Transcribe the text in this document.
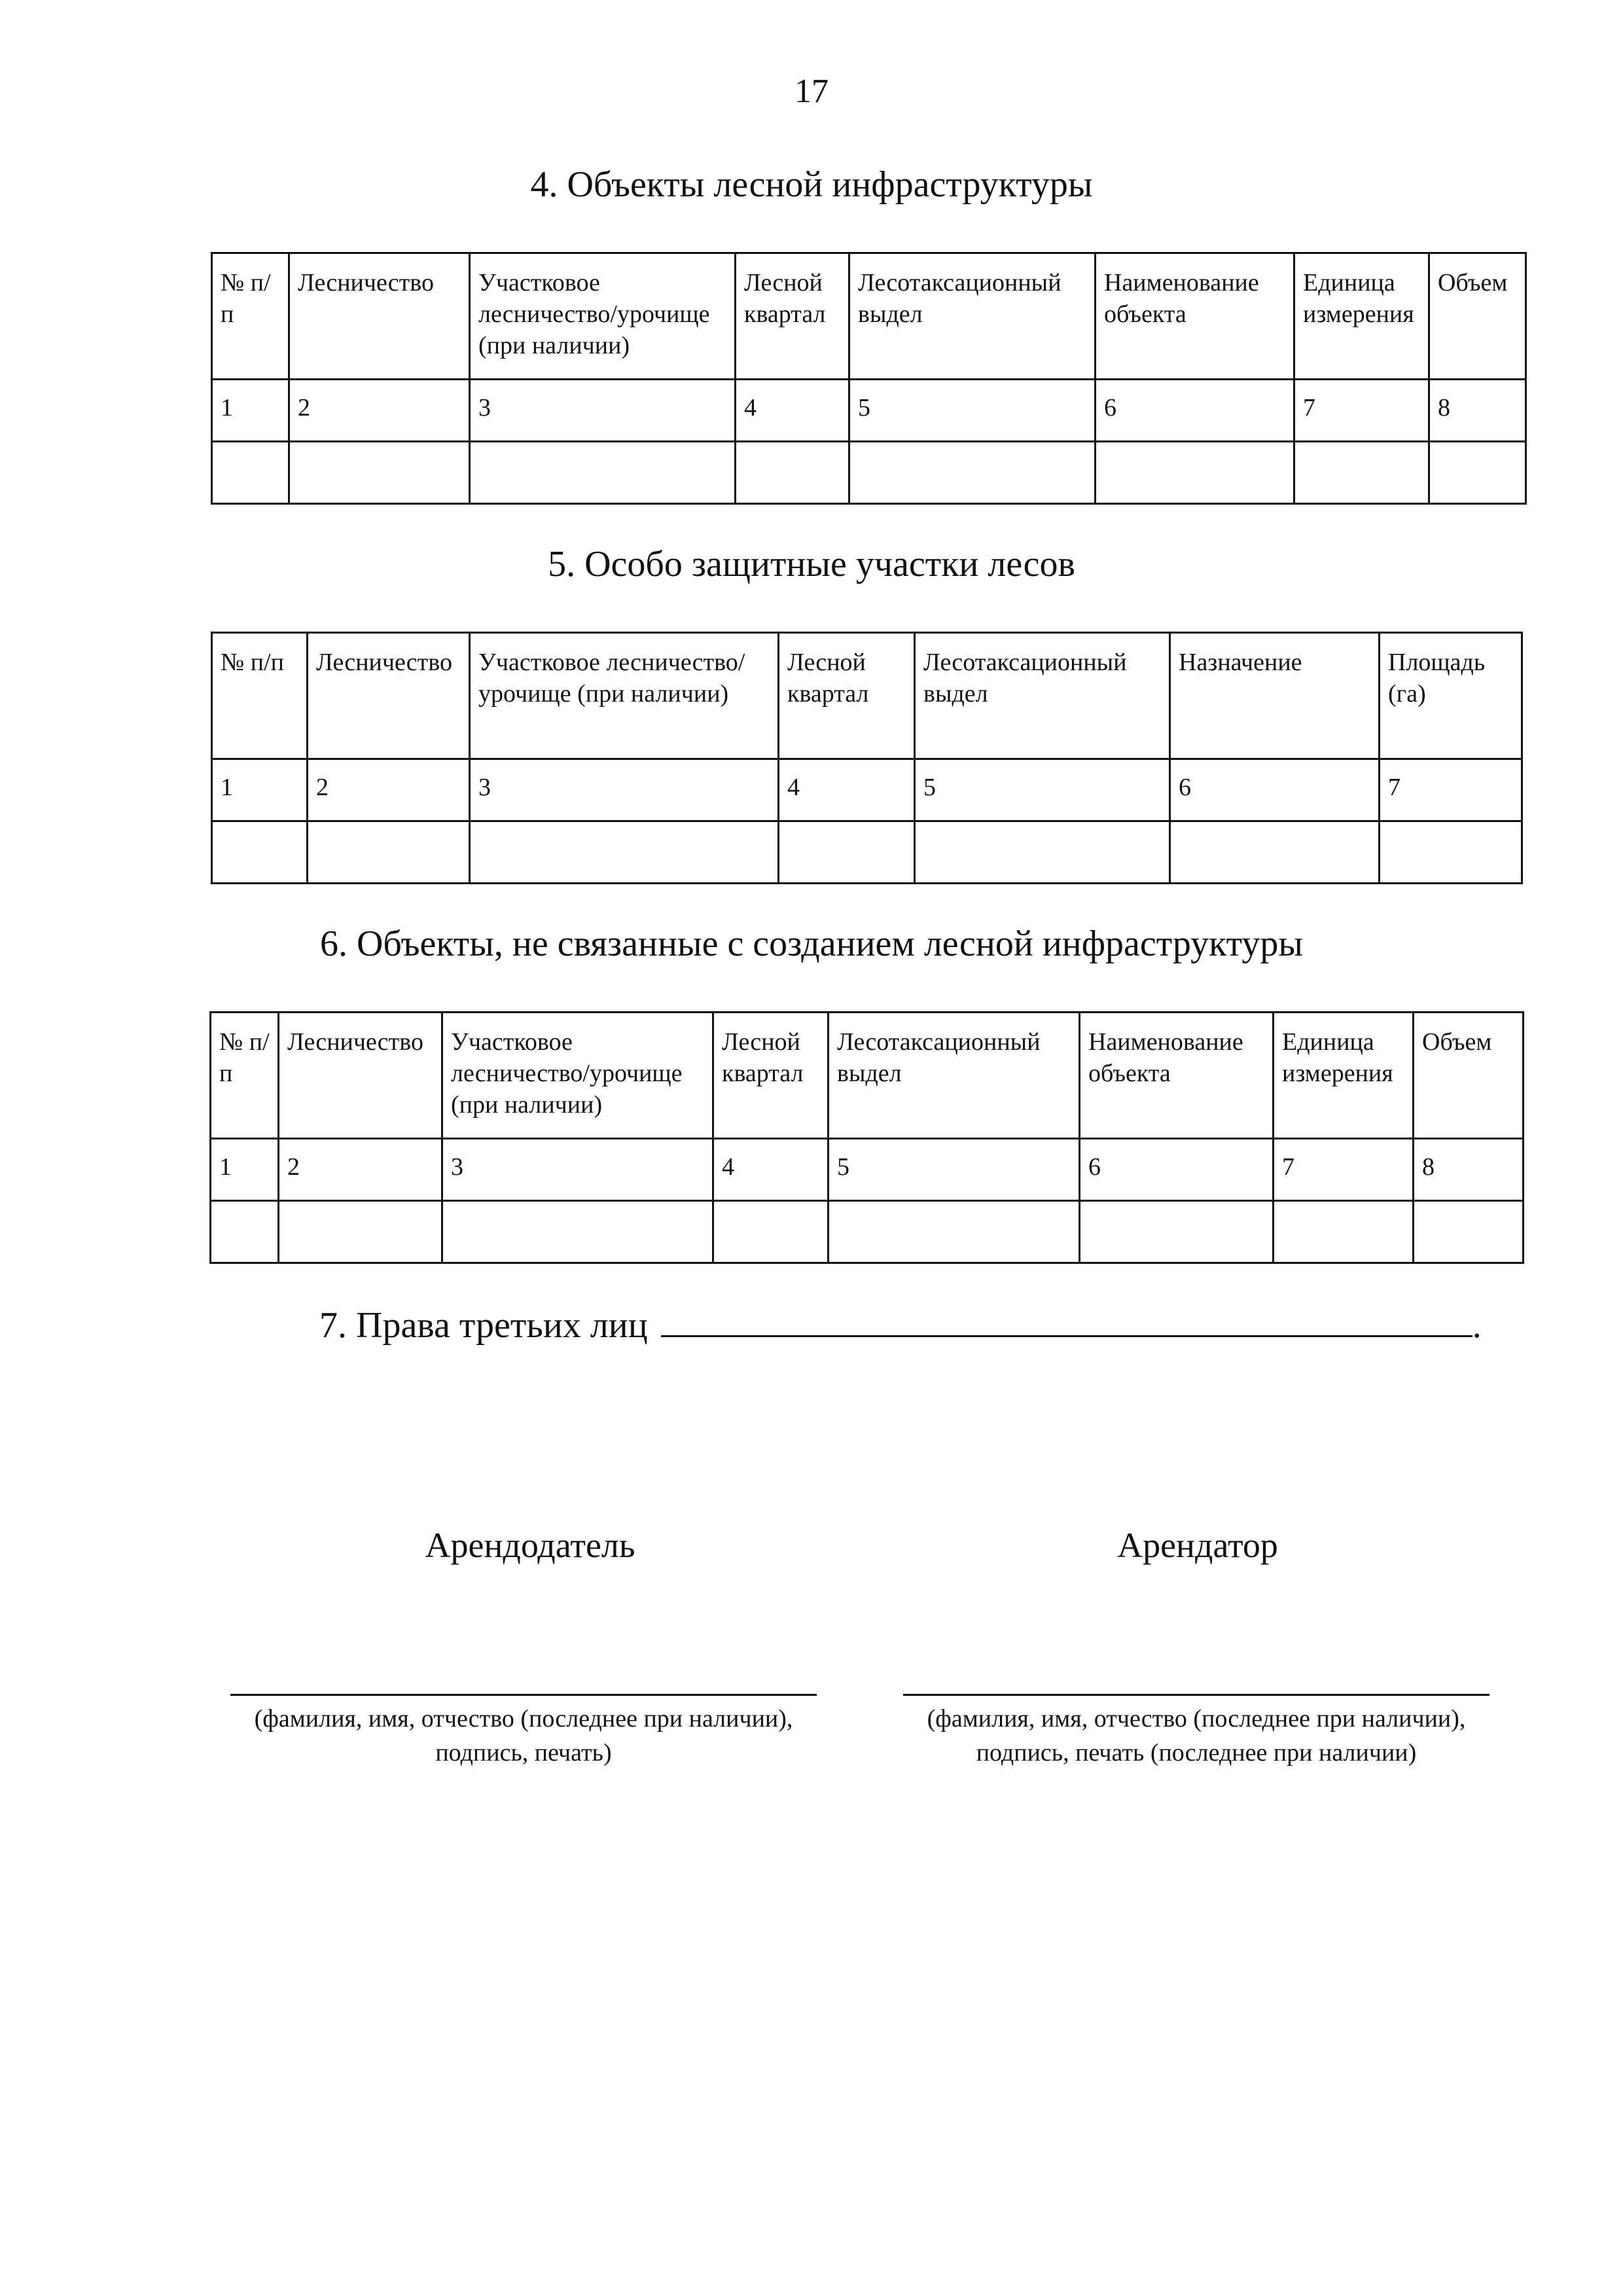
17
4. Объекты лесной инфраструктуры
№ п/п	Лесничество	Участковое лесничество/урочище (при наличии)	Лесной квартал	Лесотаксационный выдел	Наименование объекта	Единица измерения	Объем
1	2	3	4	5	6	7	8

5. Особо защитные участки лесов
№ п/п	Лесничество	Участковое лесничество/урочище (при наличии)	Лесной квартал	Лесотаксационный выдел	Назначение	Площадь (га)
1	2	3	4	5	6	7

6. Объекты, не связанные с созданием лесной инфраструктуры
№ п/п	Лесничество	Участковое лесничество/урочище (при наличии)	Лесной квартал	Лесотаксационный выдел	Наименование объекта	Единица измерения	Объем
1	2	3	4	5	6	7	8

7. Права третьих лиц	.
Арендодатель	Арендатор
(фамилия, имя, отчество (последнее при наличии),
подпись, печать)
(фамилия, имя, отчество (последнее при наличии),
подпись, печать (последнее при наличии)
